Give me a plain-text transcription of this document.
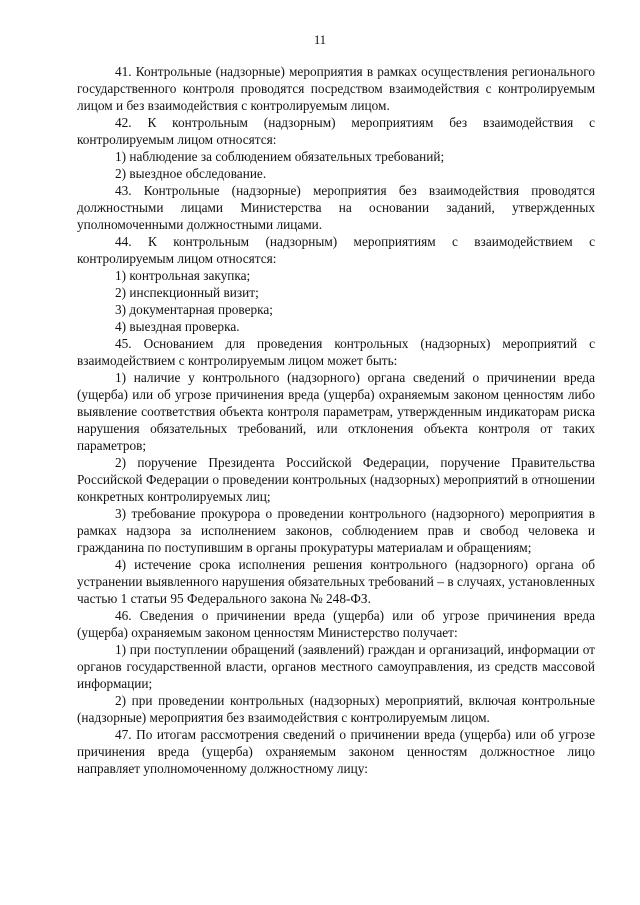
11

41. Контрольные (надзорные) мероприятия в рамках осуществления регионального государственного контроля проводятся посредством взаимодействия с контролируемым лицом и без взаимодействия с контролируемым лицом.

42. К контрольным (надзорным) мероприятиям без взаимодействия с контролируемым лицом относятся:

1) наблюдение за соблюдением обязательных требований;

2) выездное обследование.

43. Контрольные (надзорные) мероприятия без взаимодействия проводятся должностными лицами Министерства на основании заданий, утвержденных уполномоченными должностными лицами.

44. К контрольным (надзорным) мероприятиям с взаимодействием с контролируемым лицом относятся:

1) контрольная закупка;

2) инспекционный визит;

3) документарная проверка;

4) выездная проверка.

45. Основанием для проведения контрольных (надзорных) мероприятий с взаимодействием с контролируемым лицом может быть:

1) наличие у контрольного (надзорного) органа сведений о причинении вреда (ущерба) или об угрозе причинения вреда (ущерба) охраняемым законом ценностям либо выявление соответствия объекта контроля параметрам, утвержденным индикаторам риска нарушения обязательных требований, или отклонения объекта контроля от таких параметров;

2) поручение Президента Российской Федерации, поручение Правительства Российской Федерации о проведении контрольных (надзорных) мероприятий в отношении конкретных контролируемых лиц;

3) требование прокурора о проведении контрольного (надзорного) мероприятия в рамках надзора за исполнением законов, соблюдением прав и свобод человека и гражданина по поступившим в органы прокуратуры материалам и обращениям;

4) истечение срока исполнения решения контрольного (надзорного) органа об устранении выявленного нарушения обязательных требований – в случаях, установленных частью 1 статьи 95 Федерального закона № 248-ФЗ.

46. Сведения о причинении вреда (ущерба) или об угрозе причинения вреда (ущерба) охраняемым законом ценностям Министерство получает:

1) при поступлении обращений (заявлений) граждан и организаций, информации от органов государственной власти, органов местного самоуправления, из средств массовой информации;

2) при проведении контрольных (надзорных) мероприятий, включая контрольные (надзорные) мероприятия без взаимодействия с контролируемым лицом.

47. По итогам рассмотрения сведений о причинении вреда (ущерба) или об угрозе причинения вреда (ущерба) охраняемым законом ценностям должностное лицо направляет уполномоченному должностному лицу:
